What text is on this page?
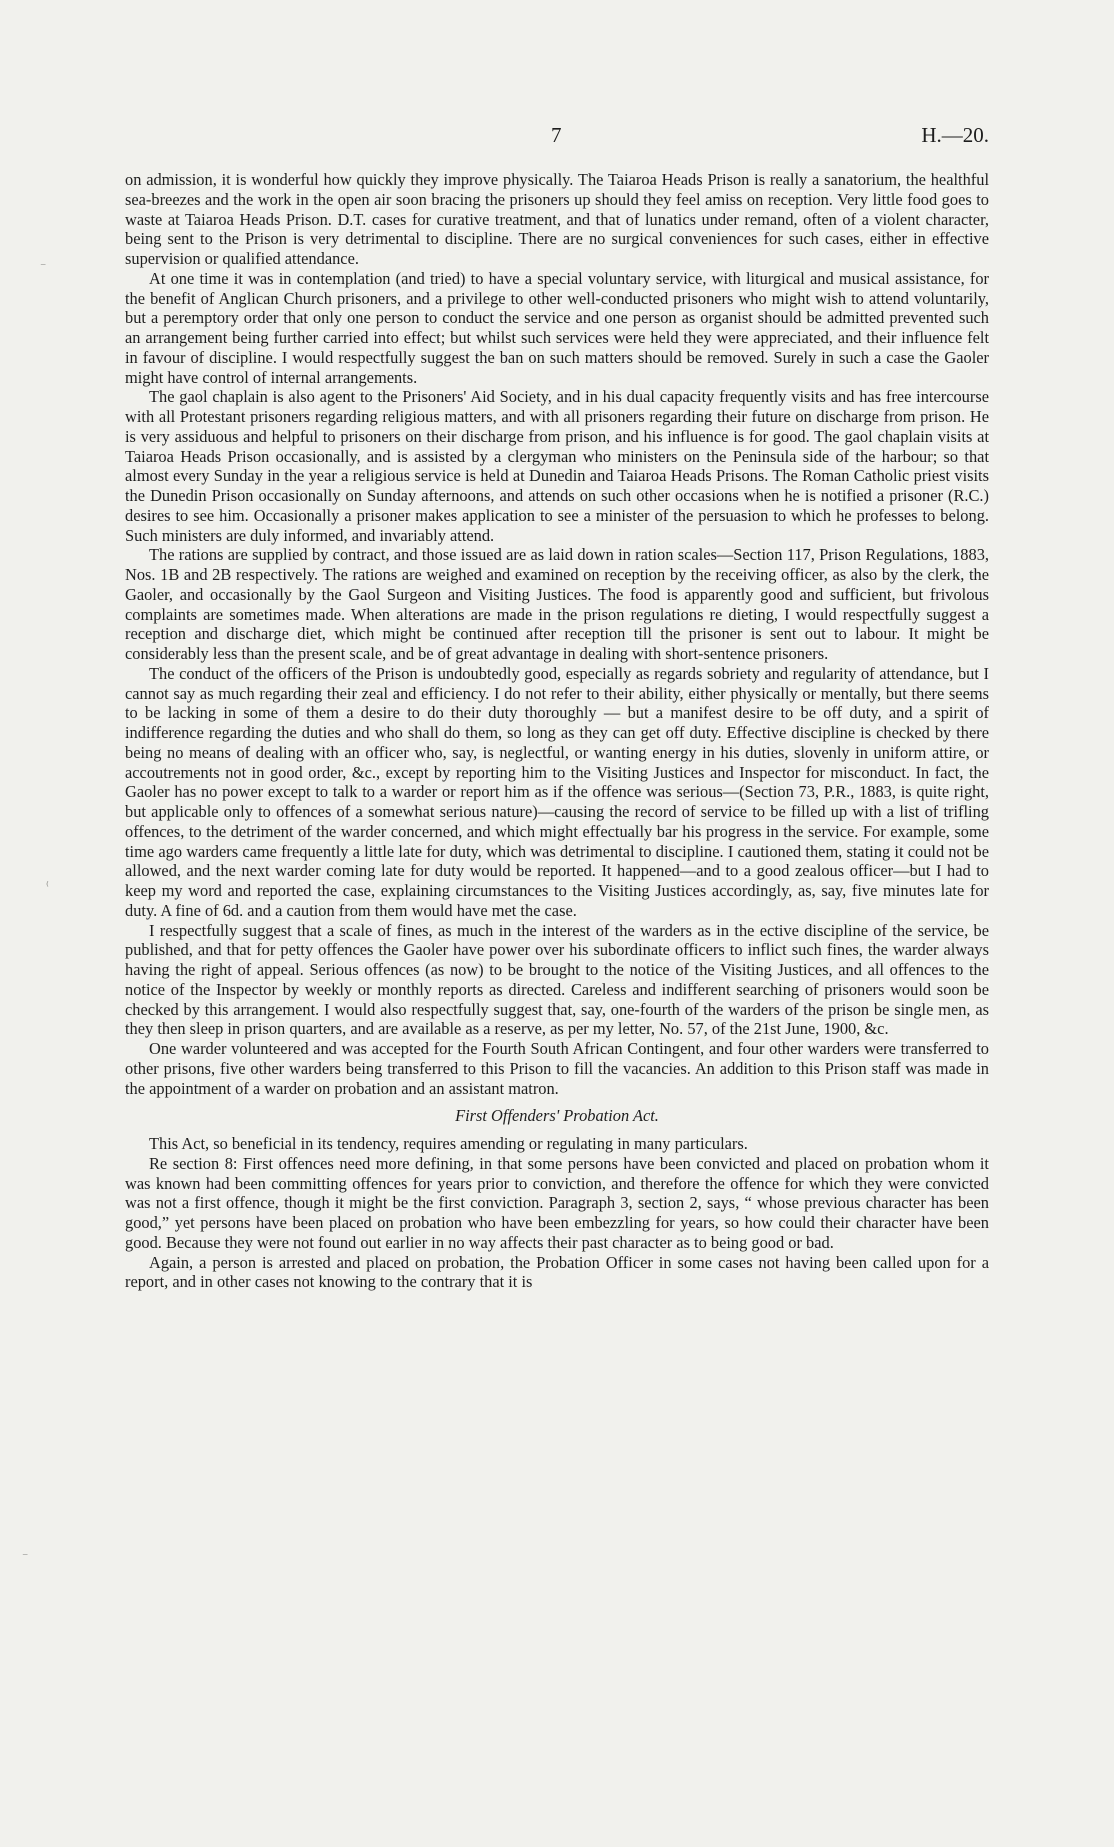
7	H.—20.

on admission, it is wonderful how quickly they improve physically. The Taiaroa Heads Prison is really a sanatorium, the healthful sea-breezes and the work in the open air soon bracing the prisoners up should they feel amiss on reception. Very little food goes to waste at Taiaroa Heads Prison. D.T. cases for curative treatment, and that of lunatics under remand, often of a violent character, being sent to the Prison is very detrimental to discipline. There are no surgical conveniences for such cases, either in effective supervision or qualified attendance.

At one time it was in contemplation (and tried) to have a special voluntary service, with liturgical and musical assistance, for the benefit of Anglican Church prisoners, and a privilege to other well-conducted prisoners who might wish to attend voluntarily, but a peremptory order that only one person to conduct the service and one person as organist should be admitted prevented such an arrangement being further carried into effect; but whilst such services were held they were appreciated, and their influence felt in favour of discipline. I would respectfully suggest the ban on such matters should be removed. Surely in such a case the Gaoler might have control of internal arrangements.

The gaol chaplain is also agent to the Prisoners' Aid Society, and in his dual capacity frequently visits and has free intercourse with all Protestant prisoners regarding religious matters, and with all prisoners regarding their future on discharge from prison. He is very assiduous and helpful to prisoners on their discharge from prison, and his influence is for good. The gaol chaplain visits at Taiaroa Heads Prison occasionally, and is assisted by a clergyman who ministers on the Peninsula side of the harbour; so that almost every Sunday in the year a religious service is held at Dunedin and Taiaroa Heads Prisons. The Roman Catholic priest visits the Dunedin Prison occasionally on Sunday afternoons, and attends on such other occasions when he is notified a prisoner (R.C.) desires to see him. Occasionally a prisoner makes application to see a minister of the persuasion to which he professes to belong. Such ministers are duly informed, and invariably attend.

The rations are supplied by contract, and those issued are as laid down in ration scales—Section 117, Prison Regulations, 1883, Nos. 1B and 2B respectively. The rations are weighed and examined on reception by the receiving officer, as also by the clerk, the Gaoler, and occasionally by the Gaol Surgeon and Visiting Justices. The food is apparently good and sufficient, but frivolous complaints are sometimes made. When alterations are made in the prison regulations re dieting, I would respectfully suggest a reception and discharge diet, which might be continued after reception till the prisoner is sent out to labour. It might be considerably less than the present scale, and be of great advantage in dealing with short-sentence prisoners.

The conduct of the officers of the Prison is undoubtedly good, especially as regards sobriety and regularity of attendance, but I cannot say as much regarding their zeal and efficiency. I do not refer to their ability, either physically or mentally, but there seems to be lacking in some of them a desire to do their duty thoroughly — but a manifest desire to be off duty, and a spirit of indifference regarding the duties and who shall do them, so long as they can get off duty. Effective discipline is checked by there being no means of dealing with an officer who, say, is neglectful, or wanting energy in his duties, slovenly in uniform attire, or accoutrements not in good order, &c., except by reporting him to the Visiting Justices and Inspector for misconduct. In fact, the Gaoler has no power except to talk to a warder or report him as if the offence was serious—(Section 73, P.R., 1883, is quite right, but applicable only to offences of a somewhat serious nature)—causing the record of service to be filled up with a list of trifling offences, to the detriment of the warder concerned, and which might effectually bar his progress in the service. For example, some time ago warders came frequently a little late for duty, which was detrimental to discipline. I cautioned them, stating it could not be allowed, and the next warder coming late for duty would be reported. It happened—and to a good zealous officer—but I had to keep my word and reported the case, explaining circumstances to the Visiting Justices accordingly, as, say, five minutes late for duty. A fine of 6d. and a caution from them would have met the case.

I respectfully suggest that a scale of fines, as much in the interest of the warders as in the ective discipline of the service, be published, and that for petty offences the Gaoler have power over his subordinate officers to inflict such fines, the warder always having the right of appeal. Serious offences (as now) to be brought to the notice of the Visiting Justices, and all offences to the notice of the Inspector by weekly or monthly reports as directed. Careless and indifferent searching of prisoners would soon be checked by this arrangement. I would also respectfully suggest that, say, one-fourth of the warders of the prison be single men, as they then sleep in prison quarters, and are available as a reserve, as per my letter, No. 57, of the 21st June, 1900, &c.

One warder volunteered and was accepted for the Fourth South African Contingent, and four other warders were transferred to other prisons, five other warders being transferred to this Prison to fill the vacancies. An addition to this Prison staff was made in the appointment of a warder on probation and an assistant matron.

First Offenders' Probation Act.

This Act, so beneficial in its tendency, requires amending or regulating in many particulars.

Re section 8: First offences need more defining, in that some persons have been convicted and placed on probation whom it was known had been committing offences for years prior to conviction, and therefore the offence for which they were convicted was not a first offence, though it might be the first conviction. Paragraph 3, section 2, says, “ whose previous character has been good,” yet persons have been placed on probation who have been embezzling for years, so how could their character have been good. Because they were not found out earlier in no way affects their past character as to being good or bad.

Again, a person is arrested and placed on probation, the Probation Officer in some cases not having been called upon for a report, and in other cases not knowing to the contrary that it is

⁻
⁽
⁻
